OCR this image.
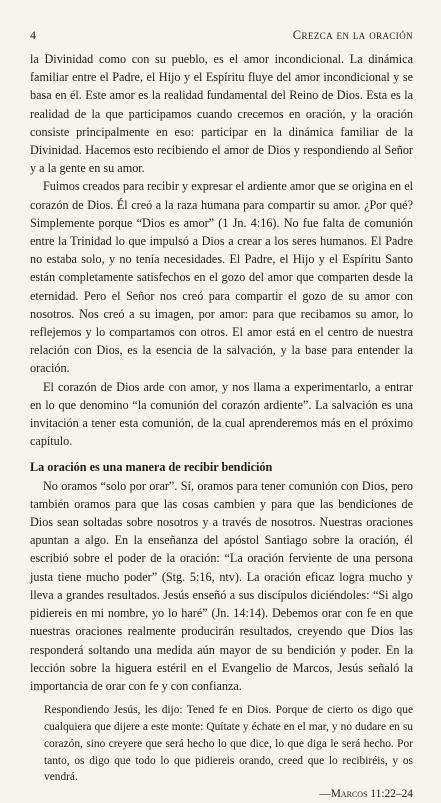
4	Crezca en la oración

la Divinidad como con su pueblo, es el amor incondicional. La dinámica familiar entre el Padre, el Hijo y el Espíritu fluye del amor incondicional y se basa en él. Este amor es la realidad fundamental del Reino de Dios. Esta es la realidad de la que participamos cuando crecemos en oración, y la oración consiste principalmente en eso: participar en la dinámica familiar de la Divinidad. Hacemos esto recibiendo el amor de Dios y respondiendo al Señor y a la gente en su amor.

Fuimos creados para recibir y expresar el ardiente amor que se origina en el corazón de Dios. Él creó a la raza humana para compartir su amor. ¿Por qué? Simplemente porque “Dios es amor” (1 Jn. 4:16). No fue falta de comunión entre la Trinidad lo que impulsó a Dios a crear a los seres humanos. El Padre no estaba solo, y no tenía necesidades. El Padre, el Hijo y el Espíritu Santo están completamente satisfechos en el gozo del amor que comparten desde la eternidad. Pero el Señor nos creó para compartir el gozo de su amor con nosotros. Nos creó a su imagen, por amor: para que recibamos su amor, lo reflejemos y lo compartamos con otros. El amor está en el centro de nuestra relación con Dios, es la esencia de la salvación, y la base para entender la oración.

El corazón de Dios arde con amor, y nos llama a experimentarlo, a entrar en lo que denomino “la comunión del corazón ardiente”. La salvación es una invitación a tener esta comunión, de la cual aprenderemos más en el próximo capítulo.

La oración es una manera de recibir bendición

No oramos “solo por orar”. Sí, oramos para tener comunión con Dios, pero también oramos para que las cosas cambien y para que las bendiciones de Dios sean soltadas sobre nosotros y a través de nosotros. Nuestras oraciones apuntan a algo. En la enseñanza del apóstol Santiago sobre la oración, él escribió sobre el poder de la oración: “La oración ferviente de una persona justa tiene mucho poder” (Stg. 5:16, ntv). La oración eficaz logra mucho y lleva a grandes resultados. Jesús enseñó a sus discípulos diciéndoles: “Si algo pidiereis en mi nombre, yo lo haré” (Jn. 14:14). Debemos orar con fe en que nuestras oraciones realmente producirán resultados, creyendo que Dios las responderá soltando una medida aún mayor de su bendición y poder. En la lección sobre la higuera estéril en el Evangelio de Marcos, Jesús señaló la importancia de orar con fe y con confianza.

Respondiendo Jesús, les dijo: Tened fe en Dios. Porque de cierto os digo que cualquiera que dijere a este monte: Quítate y échate en el mar, y no dudare en su corazón, sino creyere que será hecho lo que dice, lo que diga le será hecho. Por tanto, os digo que todo lo que pidiereis orando, creed que lo recibiréis, y os vendrá.
—Marcos 11:22–24
